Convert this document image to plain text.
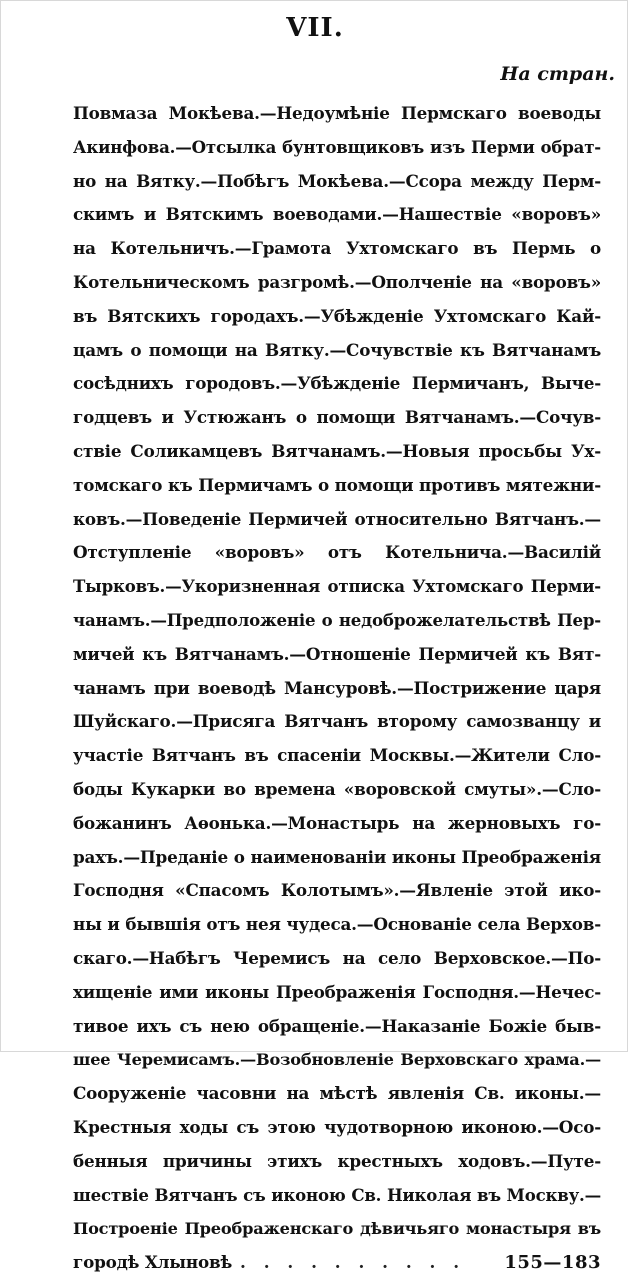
VII.
На стран.
Повмаза Мокѣева.—Недоумѣніе Пермскаго воеводы
Акинфова.—Отсылка бунтовщиковъ изъ Перми обрат-
но на Вятку.—Побѣгъ Мокѣева.—Ссора между Перм-
скимъ и Вятскимъ воеводами.—Нашествіе «воровъ»
на Котельничъ.—Грамота Ухтомскаго въ Пермь о
Котельническомъ разгромѣ.—Ополченіе на «воровъ»
въ Вятскихъ городахъ.—Убѣжденіе Ухтомскаго Кай-
цамъ о помощи на Вятку.—Сочувствіе къ Вятчанамъ
сосѣднихъ городовъ.—Убѣжденіе Пермичанъ, Выче-
годцевъ и Устюжанъ о помощи Вятчанамъ.—Сочув-
ствіе Соликамцевъ Вятчанамъ.—Новыя просьбы Ух-
томскаго къ Пермичамъ о помощи противъ мятежни-
ковъ.—Поведеніе Пермичей относительно Вятчанъ.—
Отступленіе «воровъ» отъ Котельнича.—Василій
Тырковъ.—Укоризненная отписка Ухтомскаго Перми-
чанамъ.—Предположеніе о недоброжелательствѣ Пер-
мичей къ Вятчанамъ.—Отношеніе Пермичей къ Вят-
чанамъ при воеводѣ Мансуровѣ.—Пострижение царя
Шуйскаго.—Присяга Вятчанъ второму самозванцу и
участіе Вятчанъ въ спасеніи Москвы.—Жители Сло-
боды Кукарки во времена «воровской смуты».—Сло-
божанинъ Аѳонька.—Монастырь на жерновыхъ го-
рахъ.—Преданіе о наименованіи иконы Преображенія
Господня «Спасомъ Колотымъ».—Явленіе этой ико-
ны и бывшія отъ нея чудеса.—Основаніе села Верхов-
скаго.—Набѣгъ Черемисъ на село Верховское.—По-
хищеніе ими иконы Преображенія Господня.—Нечес-
тивое ихъ съ нею обращеніе.—Наказаніе Божіе быв-
шее Черемисамъ.—Возобновленіе Верховскаго храма.—
Сооруженіе часовни на мѣстѣ явленія Св. иконы.—
Крестныя ходы съ этою чудотворною иконою.—Осо-
бенныя причины этихъ крестныхъ ходовъ.—Путе-
шествіе Вятчанъ съ иконою Св. Николая въ Москву.—
Построеніе Преображенскаго дѣвичьяго монастыря въ
городѣ Хлыновѣ . . . . . . . . . .	155—183
